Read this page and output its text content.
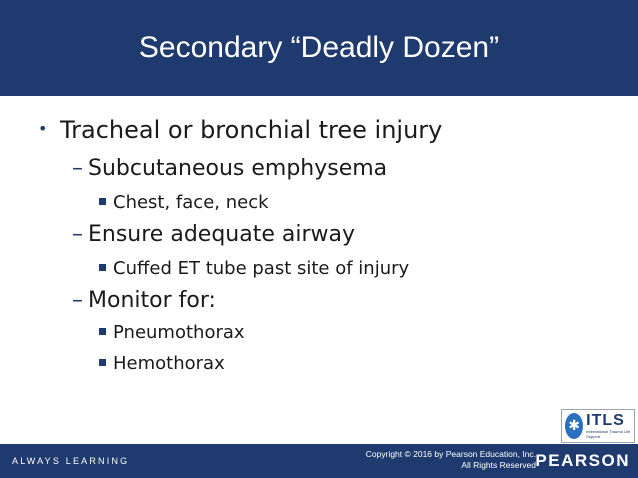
Secondary “Deadly Dozen”
• Tracheal or bronchial tree injury
– Subcutaneous emphysema
Chest, face, neck
– Ensure adequate airway
Cuffed ET tube past site of injury
– Monitor for:
Pneumothorax
Hemothorax
✱ ITLS
International Trauma Life Support
ALWAYS LEARNING
Copyright © 2016 by Pearson Education, Inc.
All Rights Reserved PEARSON
